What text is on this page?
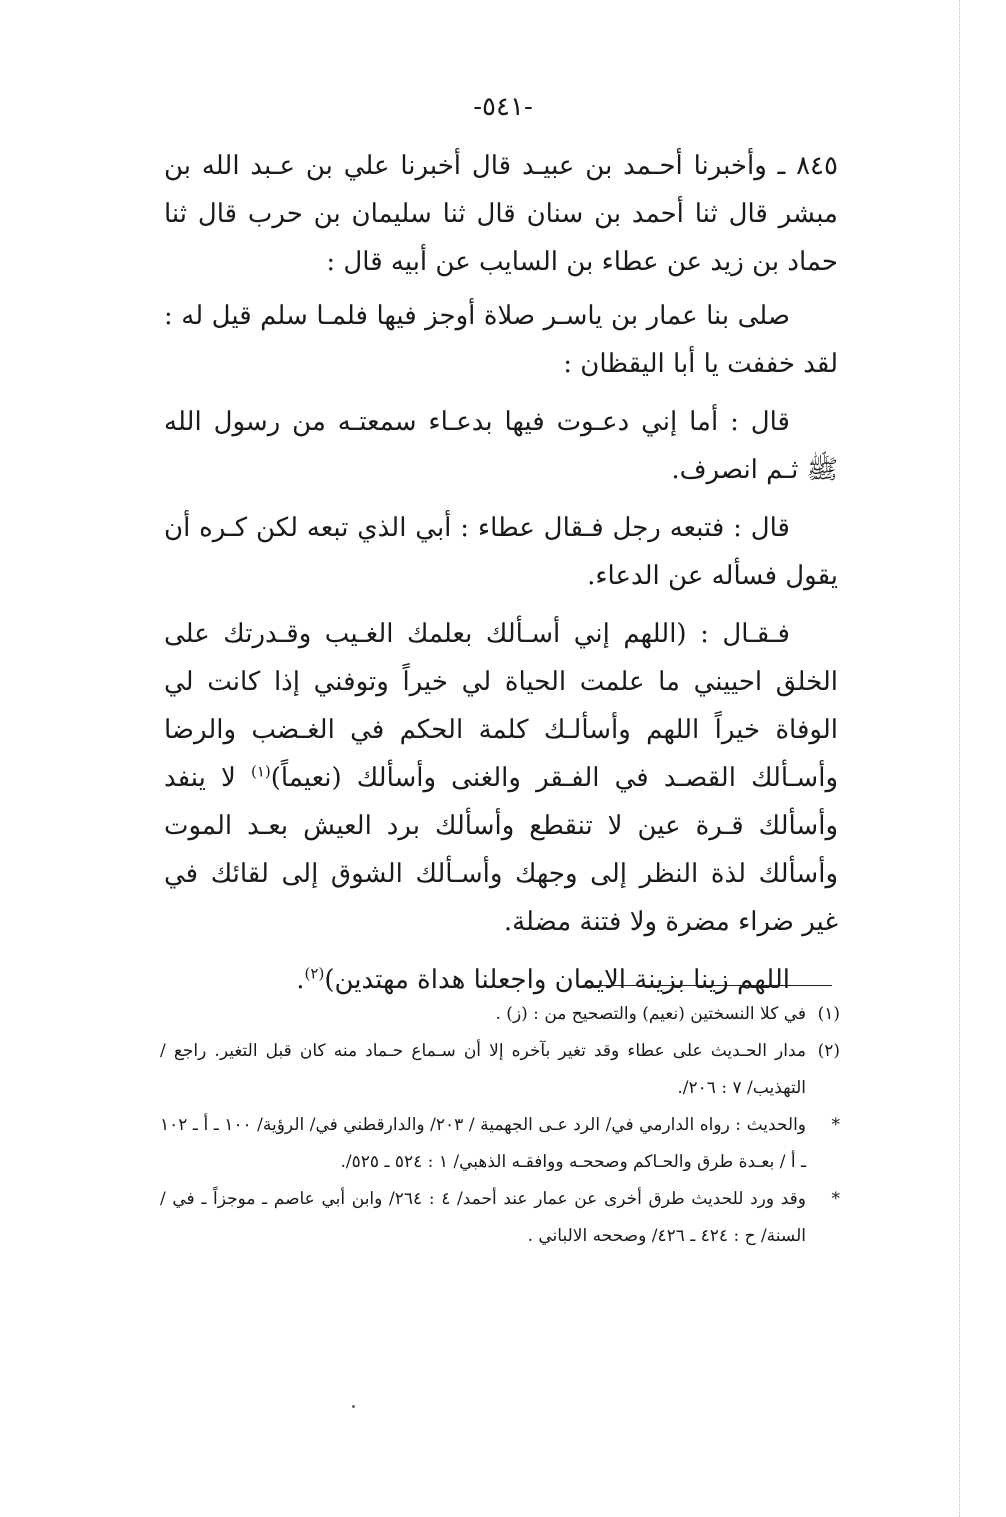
-٥٤١-

٨٤٥ ـ وأخبرنا أحـمد بن عبيـد قال أخبرنا علي بن عـبد الله بن مبشر قال ثنا أحمد بن سنان قال ثنا سليمان بن حرب قال ثنا حماد بن زيد عن عطاء بن السايب عن أبيه قال :

صلى بنا عمار بن ياسـر صلاة أوجز فيها فلمـا سلم قيل له : لقد خففت يا أبا اليقظان :

قال : أما إني دعـوت فيها بدعـاء سمعتـه من رسول الله ﷺ ثـم انصرف.

قال : فتبعه رجل فـقال عطاء : أبي الذي تبعه لكن كـره أن يقول فسأله عن الدعاء.

فـقـال : (اللهم إني أسـألك بعلمك الغـيب وقـدرتك على الخلق احييني ما علمت الحياة لي خيراً وتوفني إذا كانت لي الوفاة خيراً اللهم وأسألـك كلمة الحكم في الغـضب والرضا وأسـألك القصـد في الفـقر والغنى وأسألك (نعيماً)$^{(١)}$ لا ينفد وأسألك قـرة عين لا تنقطع وأسألك برد العيش بعـد الموت وأسألك لذة النظر إلى وجهك وأسـألك الشوق إلى لقائك في غير ضراء مضرة ولا فتنة مضلة.

اللهم زينا بزينة الايمان واجعلنا هداة مهتدين)$^{(٢)}$.

(١)في كلا النسختين (نعيم) والتصحيح من : (ز) .
(٢)مدار الحـديث على عطاء وقد تغير بآخره إلا أن سـماع حـماد منه كان قبل التغير. راجع / التهذيب/ ٧ : ٢٠٦/.
*والحديث : رواه الدارمي في/ الرد عـى الجهمية / ٢٠٣/ والدارقطني في/ الرؤية/ ١٠٠ ـ أ ـ ١٠٢ ـ أ / بعـدة طرق والحـاكم وصححـه ووافقـه الذهبي/ ١ : ٥٢٤ ـ ٥٢٥/.
*وقد ورد للحديث طرق أخرى عن عمار عند أحمد/ ٤ : ٢٦٤/ وابن أبي عاصم ـ موجزاً ـ في / السنة/ ح : ٤٢٤ ـ ٤٢٦/ وصححه الالباني .
